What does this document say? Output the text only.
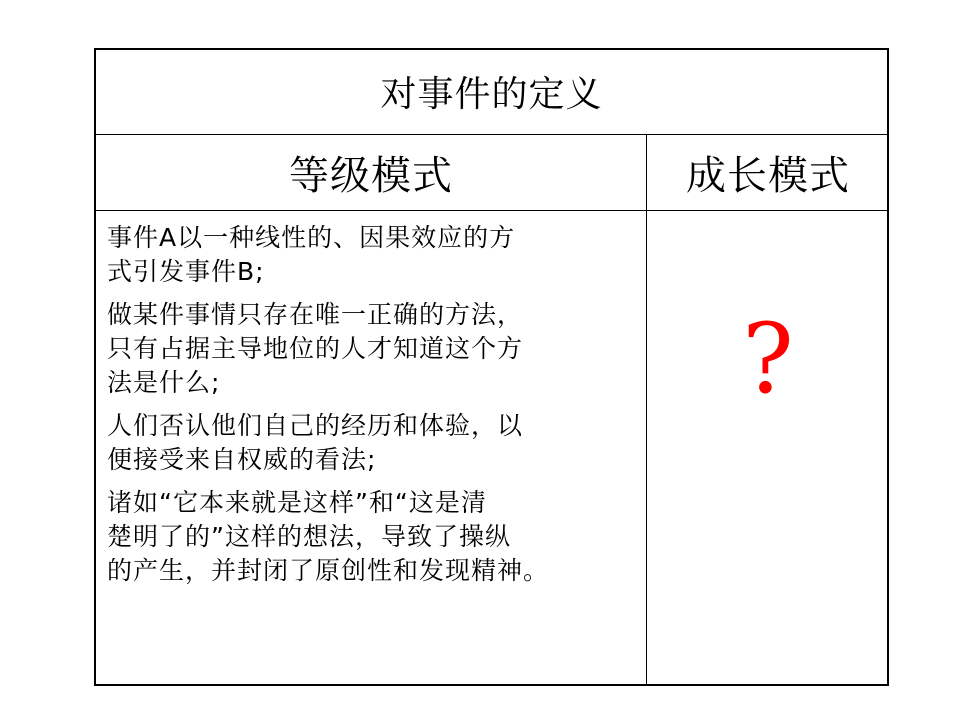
对事件的定义
等级模式	成长模式

事件A以一种线性的、因果效应的方
式引发事件B;

做某件事情只存在唯一正确的方法，
只有占据主导地位的人才知道这个方
法是什么;

人们否认他们自己的经历和体验，以
便接受来自权威的看法;

诸如“它本来就是这样”和“这是清
楚明了的”这样的想法，导致了操纵
的产生，并封闭了原创性和发现精神。

?
